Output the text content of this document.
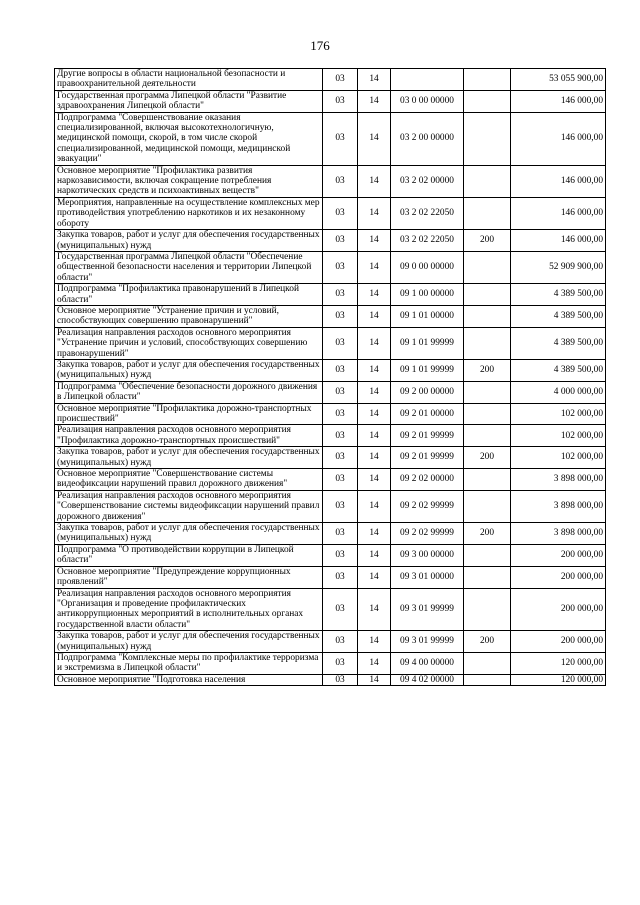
176
Другие вопросы в области национальной безопасности и правоохранительной деятельности	03	14			53 055 900,00
Государственная программа Липецкой области "Развитие здравоохранения Липецкой области"	03	14	03 0 00 00000		146 000,00
Подпрограмма "Совершенствование оказания специализированной, включая высокотехнологичную, медицинской помощи, скорой, в том числе скорой специализированной, медицинской помощи, медицинской эвакуации"	03	14	03 2 00 00000		146 000,00
Основное мероприятие "Профилактика развития наркозависимости, включая сокращение потребления наркотических средств и психоактивных веществ"	03	14	03 2 02 00000		146 000,00
Мероприятия, направленные на осуществление комплексных мер противодействия употреблению наркотиков и их незаконному обороту	03	14	03 2 02 22050		146 000,00
Закупка товаров, работ и услуг для обеспечения государственных (муниципальных) нужд	03	14	03 2 02 22050	200	146 000,00
Государственная программа Липецкой области "Обеспечение общественной безопасности населения и территории Липецкой области"	03	14	09 0 00 00000		52 909 900,00
Подпрограмма "Профилактика правонарушений в Липецкой области"	03	14	09 1 00 00000		4 389 500,00
Основное мероприятие "Устранение причин и условий, способствующих совершению правонарушений"	03	14	09 1 01 00000		4 389 500,00
Реализация направления расходов основного мероприятия "Устранение причин и условий, способствующих совершению правонарушений"	03	14	09 1 01 99999		4 389 500,00
Закупка товаров, работ и услуг для обеспечения государственных (муниципальных) нужд	03	14	09 1 01 99999	200	4 389 500,00
Подпрограмма "Обеспечение безопасности дорожного движения в Липецкой области"	03	14	09 2 00 00000		4 000 000,00
Основное мероприятие "Профилактика дорожно-транспортных происшествий"	03	14	09 2 01 00000		102 000,00
Реализация направления расходов основного мероприятия "Профилактика дорожно-транспортных происшествий"	03	14	09 2 01 99999		102 000,00
Закупка товаров, работ и услуг для обеспечения государственных (муниципальных) нужд	03	14	09 2 01 99999	200	102 000,00
Основное мероприятие "Совершенствование системы видеофиксации нарушений правил дорожного движения"	03	14	09 2 02 00000		3 898 000,00
Реализация направления расходов основного мероприятия "Совершенствование системы видеофиксации нарушений правил дорожного движения"	03	14	09 2 02 99999		3 898 000,00
Закупка товаров, работ и услуг для обеспечения государственных (муниципальных) нужд	03	14	09 2 02 99999	200	3 898 000,00
Подпрограмма "О противодействии коррупции в Липецкой области"	03	14	09 3 00 00000		200 000,00
Основное мероприятие "Предупреждение коррупционных проявлений"	03	14	09 3 01 00000		200 000,00
Реализация направления расходов основного мероприятия "Организация и проведение профилактических антикоррупционных мероприятий в исполнительных органах государственной власти области"	03	14	09 3 01 99999		200 000,00
Закупка товаров, работ и услуг для обеспечения государственных (муниципальных) нужд	03	14	09 3 01 99999	200	200 000,00
Подпрограмма "Комплексные меры по профилактике терроризма и экстремизма в Липецкой области"	03	14	09 4 00 00000		120 000,00
Основное мероприятие "Подготовка населения	03	14	09 4 02 00000		120 000,00
